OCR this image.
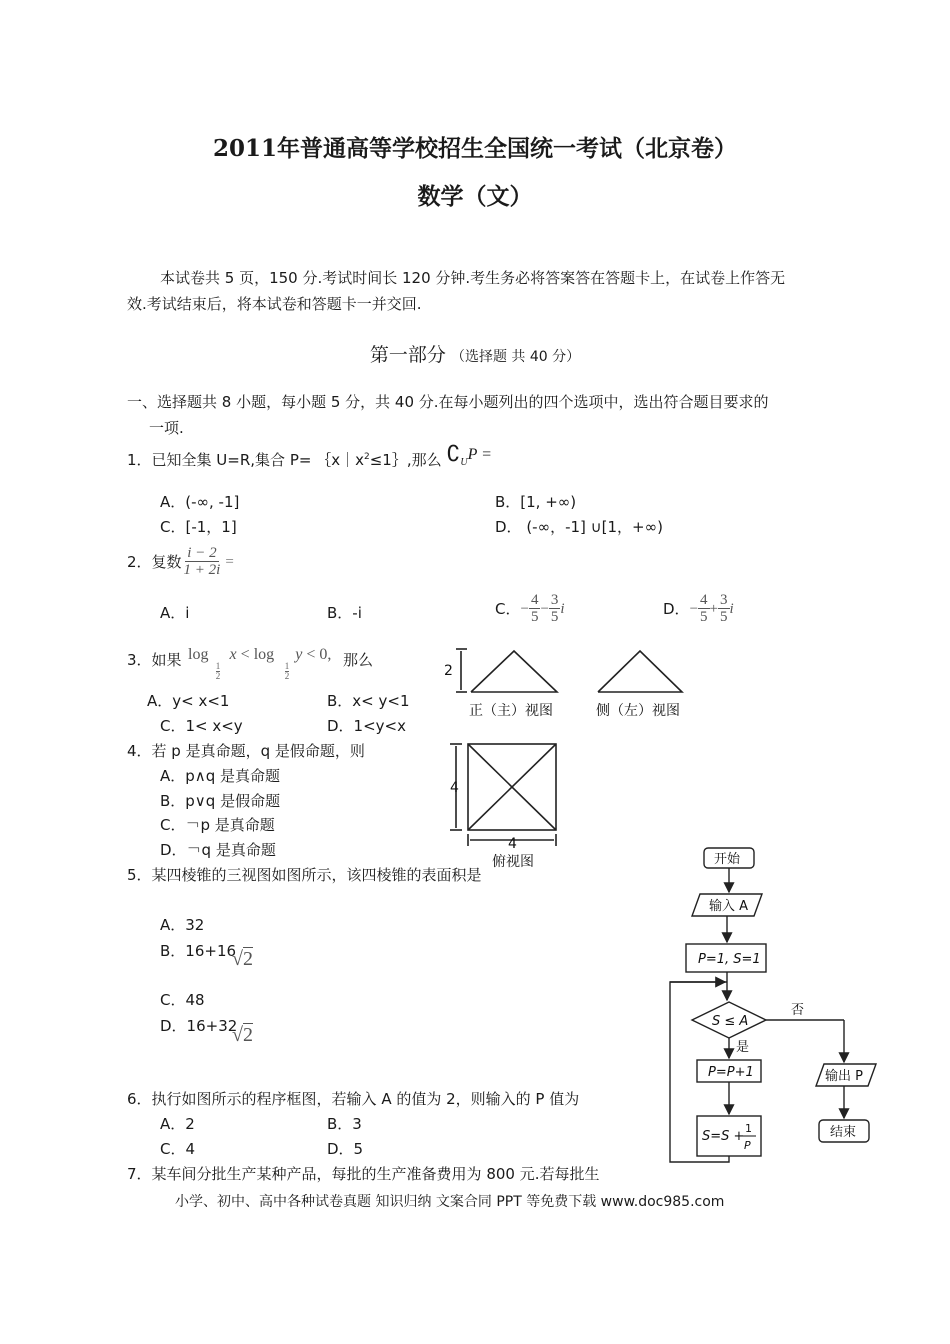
2011年普通高等学校招生全国统一考试（北京卷）
数学（文）
本试卷共 5 页，150 分.考试时间长 120 分钟.考生务必将答案答在答题卡上，在试卷上作答无
效.考试结束后，将本试卷和答题卡一并交回.
第一部分 （选择题 共 40 分）
一、选择题共 8 小题，每小题 5 分，共 40 分.在每小题列出的四个选项中，选出符合题目要求的
一项.
1．已知全集 U=R,集合 $P= \{x|x^2\le 1\}$,那么 $∁_UP$ =
A．(-∞, -1]	B．[1, +∞)
C．[-1，1]	D． (-∞，-1] ∪[1，+∞)
2．复数 $\frac{i - 2}{1 + 2i}$ =
A．i	B．-i	C． − $\frac{4}{5} - \frac{3}{5}$ i	D． − $\frac{4}{5} + \frac{3}{5}$ i
3．如果 log x < log y < 0,
$\frac{1}{2}$	$\frac{1}{2}$
那么
A．y< x<1	B．x< y<1
C．1< x<y	D．1<y<x
4．若 p 是真命题，q 是假命题，则
A．p∧q 是真命题
B．p∨q 是假命题
C．￢p 是真命题
D．￢q 是真命题
5．某四棱锥的三视图如图所示，该四棱锥的表面积是
A．32
B．16+16
√2
C．48
D．16+32
√2
6．执行如图所示的程序框图，若输入 A 的值为 2，则输入的 P 值为
A．2	B．3
C．4	D．5
7．某车间分批生产某种产品，每批的生产准备费用为 800 元.若每批生
小学、初中、高中各种试卷真题 知识归纳 文案合同 PPT 等免费下载 www.doc985.com
2
4
4
正（主）视图	侧（左）视图
俯视图	开始
输入 A
P=1, S=1
S ≤ A
是
否
P=P+1
S=S +
1
P
输出 P
结束
